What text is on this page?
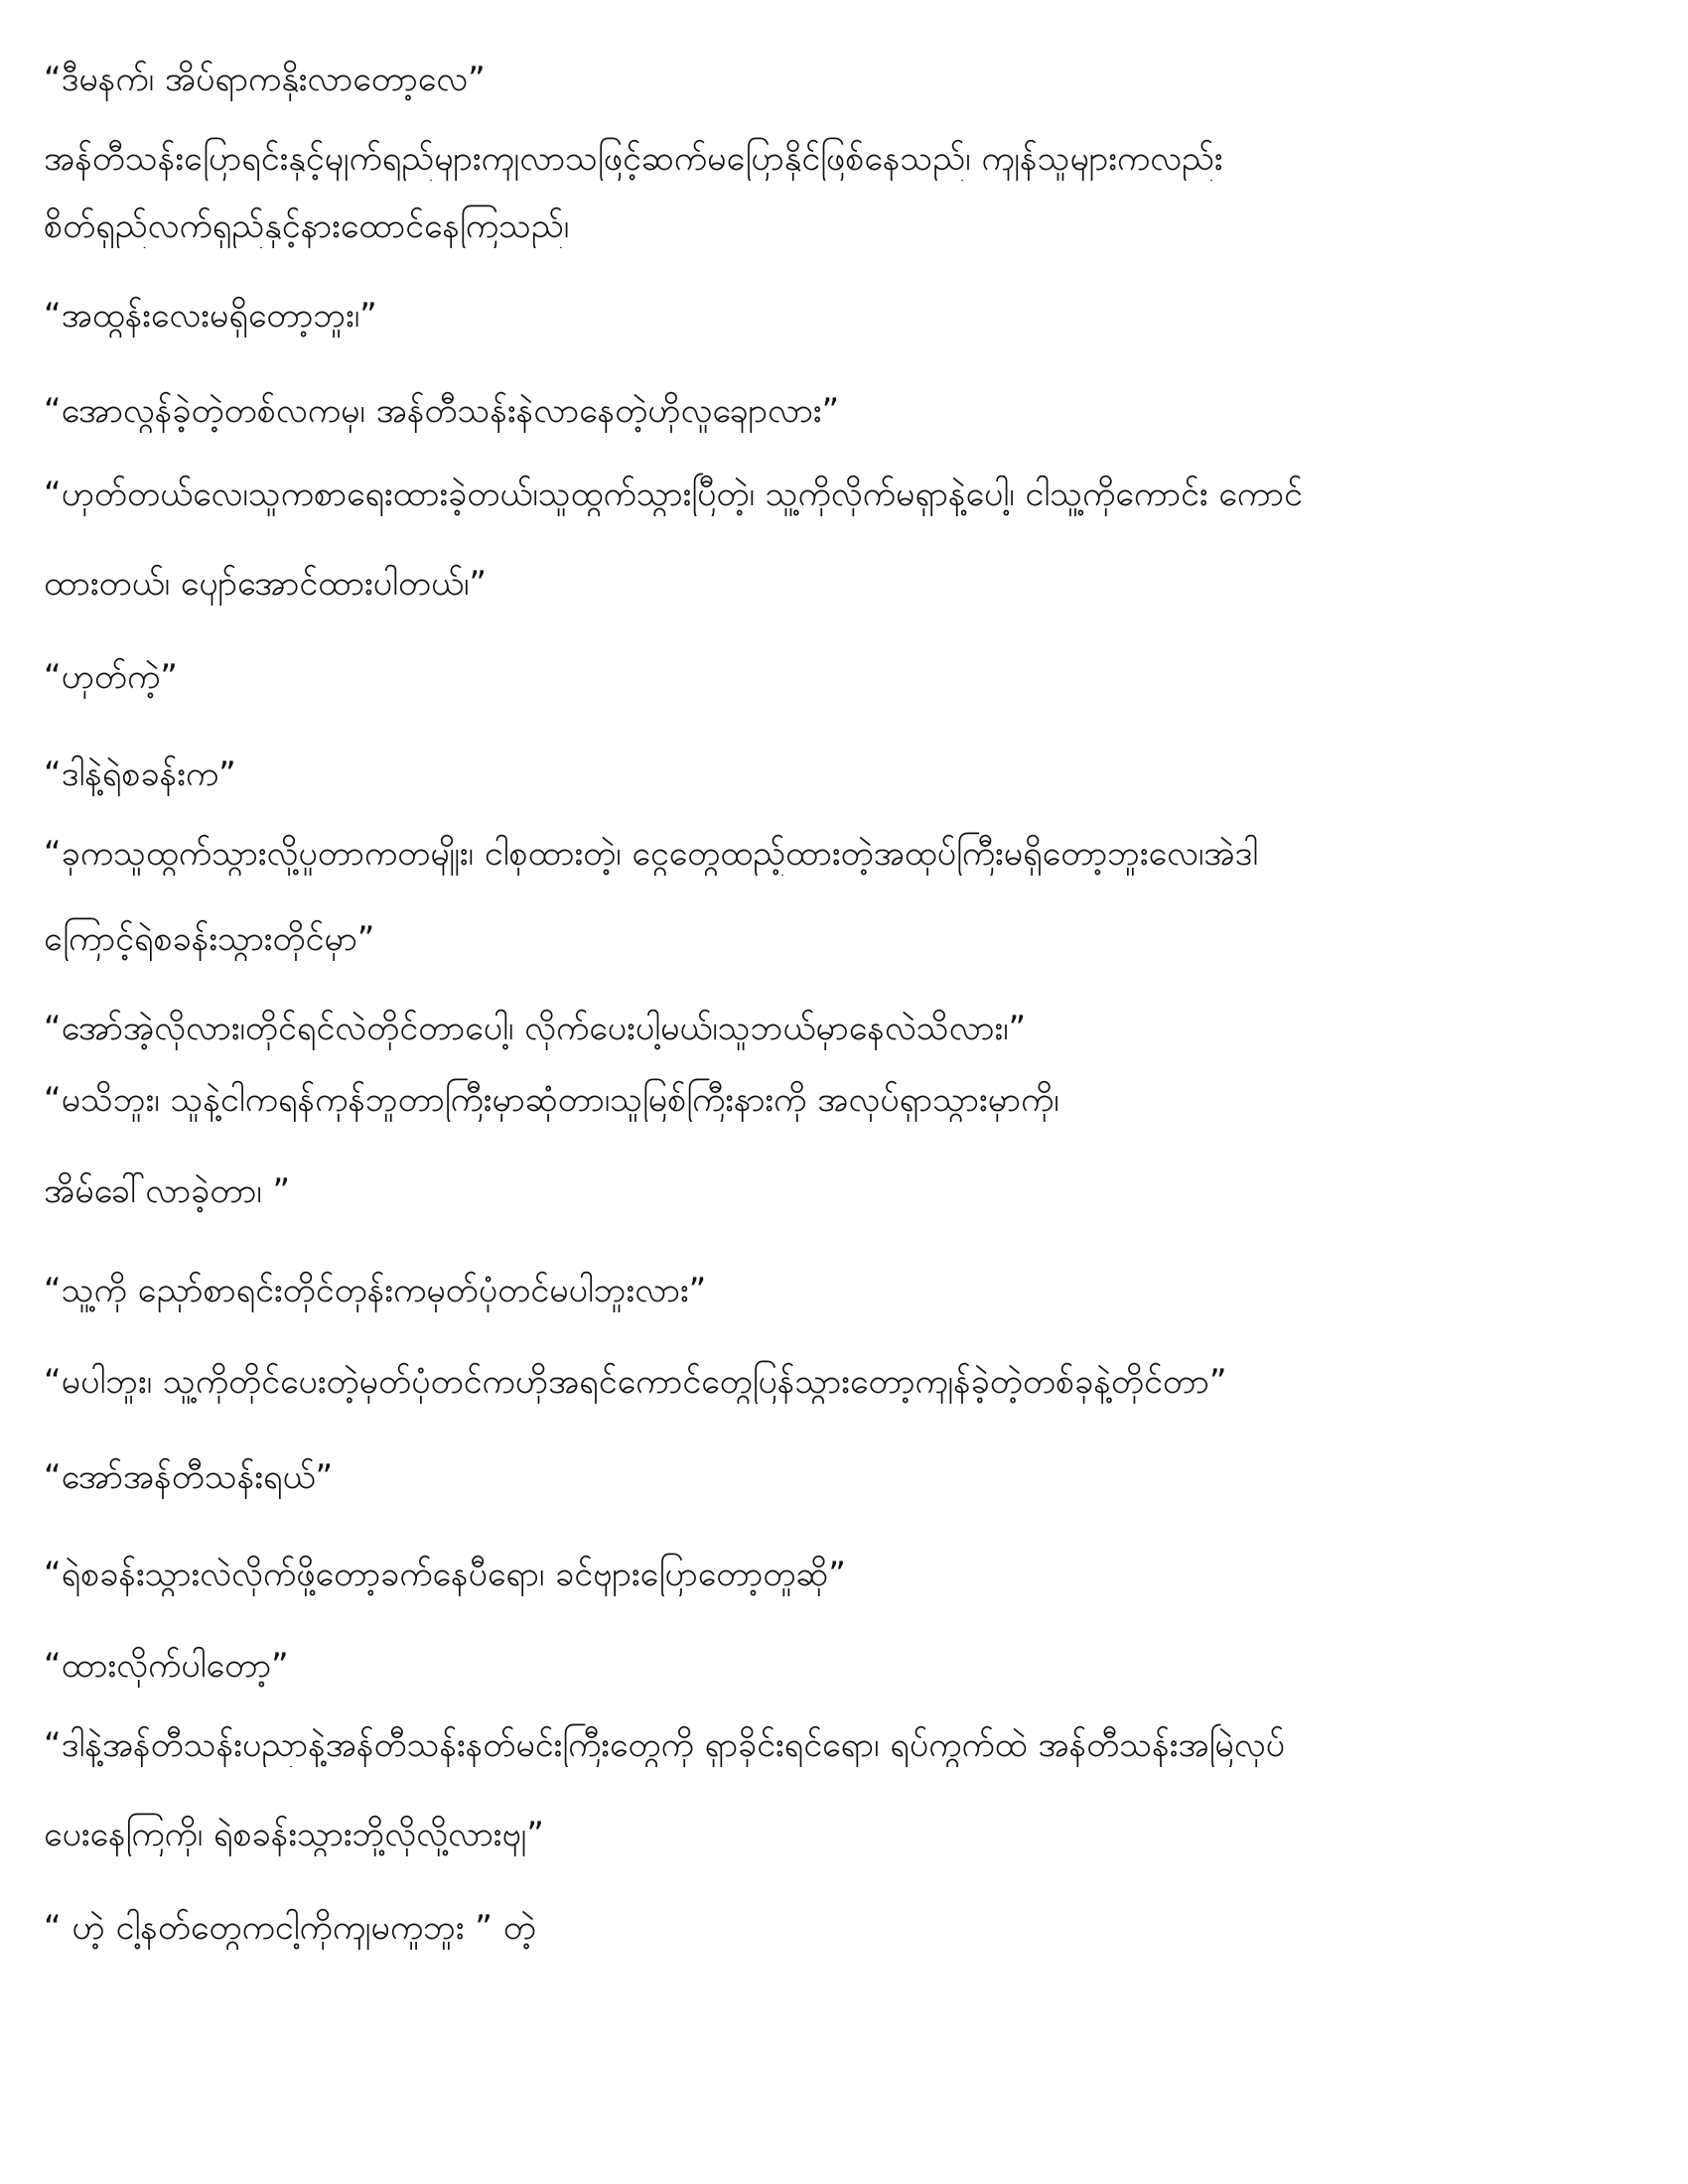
“ဒီမနက်၊ အိပ်ရာကနိုးလာတော့လေ”
အန်တီသန်းပြောရင်းနှင့်မျက်ရည်များကျလာသဖြင့်ဆက်မပြောနိုင်ဖြစ်နေသည်၊ ကျန်သူများကလည်း
စိတ်ရှည်လက်ရှည်နှင့်နားထောင်နေကြသည်၊
“အထွန်းလေးမရှိတော့ဘူး၊”
“အောလွန်ခဲ့တဲ့တစ်လကမှ၊ အန်တီသန်းနဲလာနေတဲ့ဟိုလူချောလား”
“ဟုတ်တယ်လေ၊သူကစာရေးထားခဲ့တယ်၊သူထွက်သွားပြီတဲ့၊ သူ့ကိုလိုက်မရှာနဲ့ပေါ့၊ ငါသူ့ကိုကောင်း ကောင်
ထားတယ်၊ ပျော်အောင်ထားပါတယ်၊”
“ဟုတ်ကဲ့”
“ဒါနဲ့ရဲစခန်းက”
“ခုကသူထွက်သွားလို့ပူတာကတမျိုး၊ ငါစုထားတဲ့၊ ငွေတွေထည့်ထားတဲ့အထုပ်ကြီးမရှိတော့ဘူးလေ၊အဲဒါ
ကြောင့်ရဲစခန်းသွားတိုင်မှာ”
“အော်အဲ့လိုလား၊တိုင်ရင်လဲတိုင်တာပေါ့၊ လိုက်ပေးပါ့မယ်၊သူဘယ်မှာနေလဲသိလား၊”
“မသိဘူး၊ သူနဲ့ငါကရန်ကုန်ဘူတာကြီးမှာဆုံတာ၊သူမြစ်ကြီးနားကို အလုပ်ရှာသွားမှာကို၊
အိမ်ခေါ်လာခဲ့တာ၊ ”
“သူ့ကို ညှော်စာရင်းတိုင်တုန်းကမှတ်ပုံတင်မပါဘူးလား”
“မပါဘူး၊ သူ့ကိုတိုင်ပေးတဲ့မှတ်ပုံတင်ကဟိုအရင်ကောင်တွေပြန်သွားတော့ကျန်ခဲ့တဲ့တစ်ခုနဲ့တိုင်တာ”
“အော်အန်တီသန်းရယ်”
“ရဲစခန်းသွားလဲလိုက်ဖို့တော့ခက်နေပီရော၊ ခင်ဗျားပြောတော့တူဆို”
“ထားလိုက်ပါတော့”
“ဒါနဲ့အန်တီသန်းပညာနဲ့အန်တီသန်းနတ်မင်းကြီးတွေကို ရှာခိုင်းရင်ရော၊ ရပ်ကွက်ထဲ အန်တီသန်းအမြဲလုပ်
ပေးနေကြကို၊ ရဲစခန်းသွားဘို့လိုလို့လားဗျ”
“ ဟဲ့ ငါ့နတ်တွေကငါ့ကိုကျမကူဘူး ” တဲ့
